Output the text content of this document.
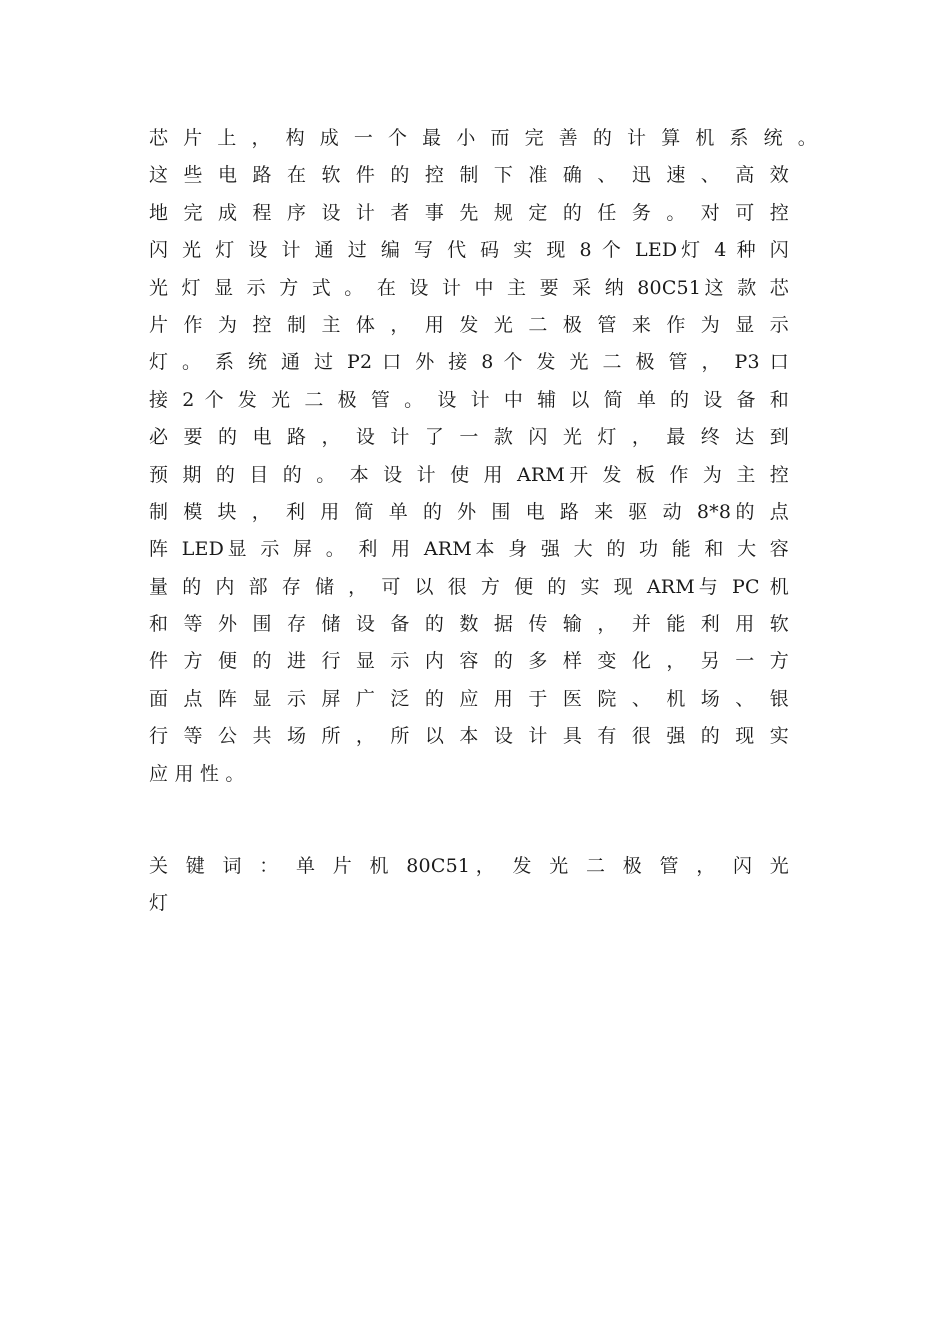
芯 片 上 ， 构 成 一 个 最 小 而 完 善 的 计 算 机 系 统 。
这 些 电 路 在 软 件 的 控 制 下 准 确 、 迅 速 、 高 效
地 完 成 程 序 设 计 者 事 先 规 定 的 任 务 。 对 可 控
闪 光 灯 设 计 通 过 编 写 代 码 实 现 8 个 LED灯 4 种 闪
光 灯 显 示 方 式 。 在 设 计 中 主 要 采 纳 80C51这 款 芯
片 作 为 控 制 主 体 ， 用 发 光 二 极 管 来 作 为 显 示
灯 。 系 统 通 过 P2 口 外 接 8 个 发 光 二 极 管 ， P3 口
接 2 个 发 光 二 极 管 。 设 计 中 辅 以 简 单 的 设 备 和
必 要 的 电 路 ， 设 计 了 一 款 闪 光 灯 ， 最 终 达 到
预 期 的 目 的 。 本 设 计 使 用 ARM开 发 板 作 为 主 控
制 模 块 ， 利 用 简 单 的 外 围 电 路 来 驱 动 8*8的 点
阵 LED显 示 屏 。 利 用 ARM本 身 强 大 的 功 能 和 大 容
量 的 内 部 存 储 ， 可 以 很 方 便 的 实 现 ARM与 PC 机
和 等 外 围 存 储 设 备 的 数 据 传 输 ， 并 能 利 用 软
件 方 便 的 进 行 显 示 内 容 的 多 样 变 化 ， 另 一 方
面 点 阵 显 示 屏 广 泛 的 应 用 于 医 院 、 机 场 、 银
行 等 公 共 场 所 ， 所 以 本 设 计 具 有 很 强 的 现 实
应 用 性 。
关 键 词 ： 单 片 机 80C51， 发 光 二 极 管 ， 闪 光
灯
